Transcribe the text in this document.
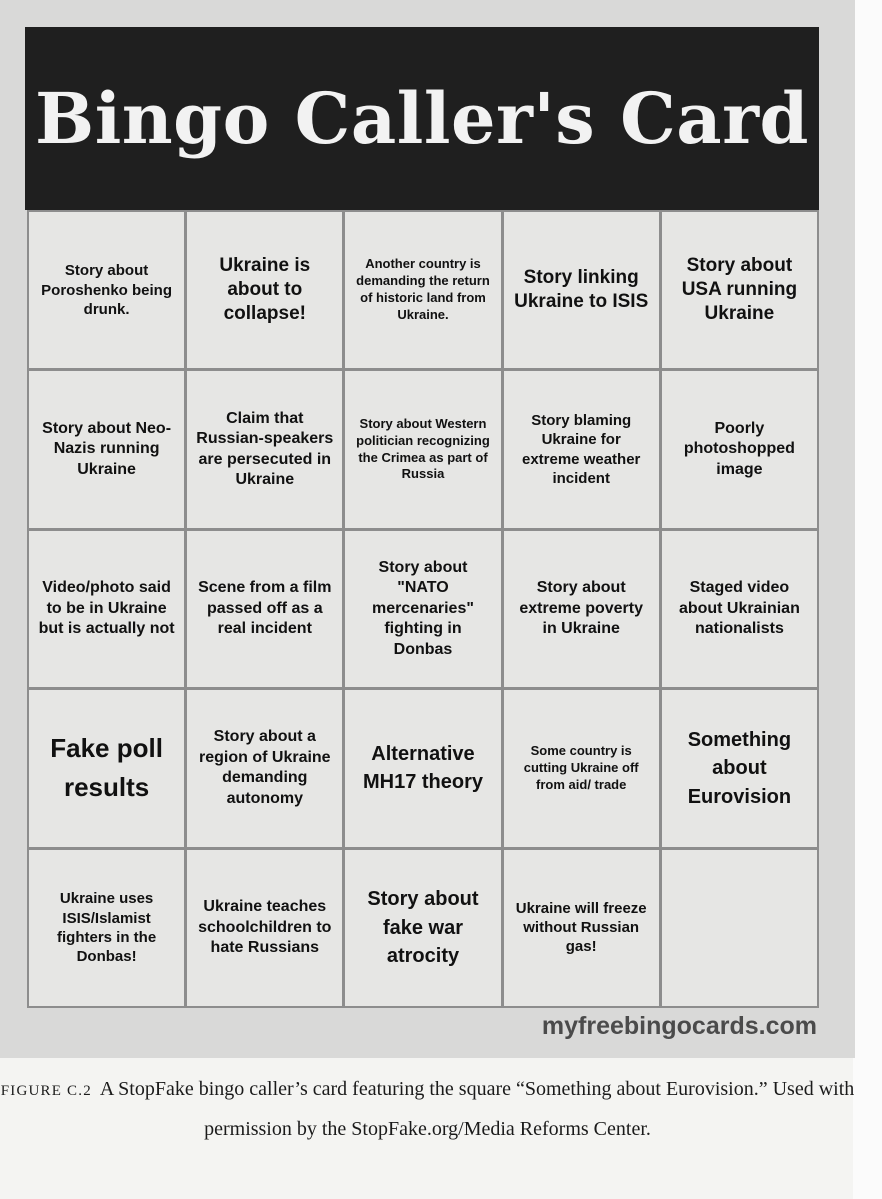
Bingo Caller's Card
Story about Poroshenko being drunk.
Ukraine is about to collapse!
Another country is demanding the return of historic land from Ukraine.
Story linking Ukraine to ISIS
Story about USA running Ukraine
Story about Neo-Nazis running Ukraine
Claim that Russian-speakers are persecuted in Ukraine
Story about Western politician recognizing the Crimea as part of Russia
Story blaming Ukraine for extreme weather incident
Poorly photoshopped image
Video/photo said to be in Ukraine but is actually not
Scene from a film passed off as a real incident
Story about "NATO mercenaries" fighting in Donbas
Story about extreme poverty in Ukraine
Staged video about Ukrainian nationalists
Fake poll results
Story about a region of Ukraine demanding autonomy
Alternative MH17 theory
Some country is cutting Ukraine off from aid/ trade
Something about Eurovision
Ukraine uses ISIS/Islamist fighters in the Donbas!
Ukraine teaches schoolchildren to hate Russians
Story about fake war atrocity
Ukraine will freeze without Russian gas!
myfreebingocards.com
FIGURE C.2 A StopFake bingo caller’s card featuring the square “Something about Eurovision.” Used with permission by the StopFake.org/Media Reforms Center.
